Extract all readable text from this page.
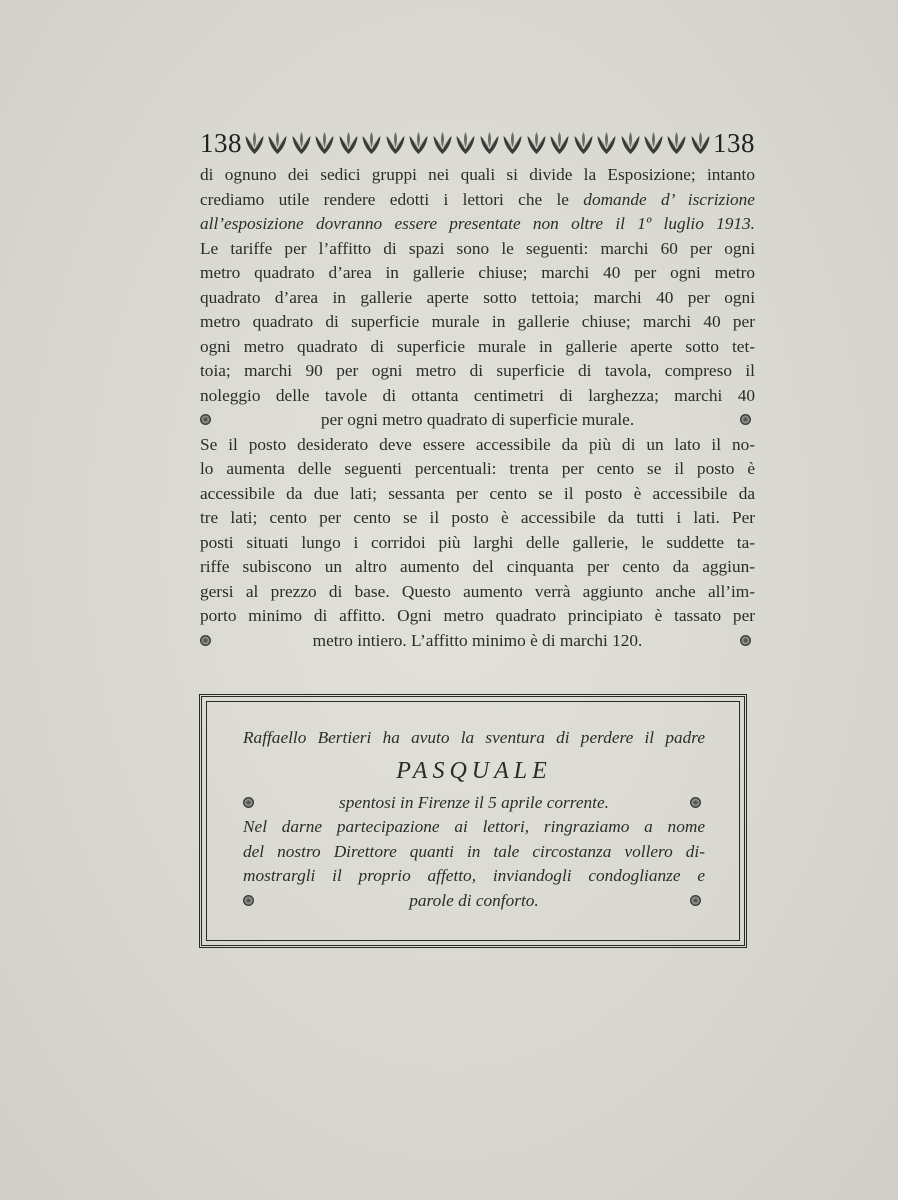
138	138
di ognuno dei sedici gruppi nei quali si divide la Esposizione; intanto
crediamo utile rendere edotti i lettori che le domande d’ iscrizione
all’esposizione dovranno essere presentate non oltre il 1º luglio 1913.
Le tariffe per l’affitto di spazi sono le seguenti: marchi 60 per ogni
metro quadrato d’area in gallerie chiuse; marchi 40 per ogni metro
quadrato d’area in gallerie aperte sotto tettoia; marchi 40 per ogni
metro quadrato di superficie murale in gallerie chiuse; marchi 40 per
ogni metro quadrato di superficie murale in gallerie aperte sotto tet-
toia; marchi 90 per ogni metro di superficie di tavola, compreso il
noleggio delle tavole di ottanta centimetri di larghezza; marchi 40
per ogni metro quadrato di superficie murale.
Se il posto desiderato deve essere accessibile da più di un lato il no-
lo aumenta delle seguenti percentuali: trenta per cento se il posto è
accessibile da due lati; sessanta per cento se il posto è accessibile da
tre lati; cento per cento se il posto è accessibile da tutti i lati. Per
posti situati lungo i corridoi più larghi delle gallerie, le suddette ta-
riffe subiscono un altro aumento del cinquanta per cento da aggiun-
gersi al prezzo di base. Questo aumento verrà aggiunto anche all’im-
porto minimo di affitto. Ogni metro quadrato principiato è tassato per
metro intiero. L’affitto minimo è di marchi 120.
Raffaello Bertieri ha avuto la sventura di perdere il padre
PASQUALE
spentosi in Firenze il 5 aprile corrente.
Nel darne partecipazione ai lettori, ringraziamo a nome
del nostro Direttore quanti in tale circostanza vollero di-
mostrargli il proprio affetto, inviandogli condoglianze e
parole di conforto.
